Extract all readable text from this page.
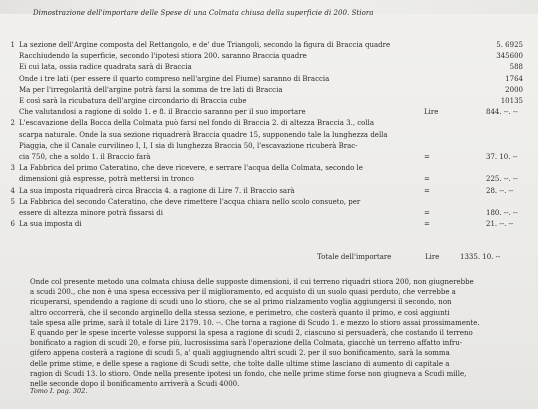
Dimostrazione dell'importare delle Spese di una Colmata chiusa della superficie di 200. Stiora
1 La sezione dell'Argine composta del Rettangolo, e de' due Triangoli, secondo la figura di Braccia quadre	5. 6925
Racchiudendo la superficie, secondo l'ipotesi stiora 200. saranno Braccia quadre	345600
Ei cui lata, ossia radice quadrata sarà di Braccia	588
Onde i tre lati (per essere il quarto compreso nell'argine del Fiume) saranno di Braccia	1764
Ma per l'irregolarità dell'argine potrà farsi la somma de tre lati di Braccia	2000
E così sarà la ricubatura dell'argine circondario di Braccia cube	10135
Che valutandosi a ragione di soldo 1. e 8. il Braccio saranno per il suo importare	Lire	844. --. --
2 L'escavazione della Bocca della Colmata può farsi nel fondo di Braccia 2. di altezza Braccia 3., colla
scarpa naturale. Onde la sua sezione riquadrerà Braccia quadre 15, supponendo tale la lunghezza della
Piaggia, che il Canale curvilineo I, I, I sia di lunghezza Braccia 50, l'escavazione ricuberà Brac-
cia 750, che a soldo 1. il Braccio farà	=	37. 10. --
3 La Fabbrica del primo Cateratino, che deve ricevere, e serrare l'acqua della Colmata, secondo le
dimensioni già espresse, potrà mettersi in tronco	=	225. --. --
4 La sua imposta riquadrerà circa Braccia 4. a ragione di Lire 7. il Braccio sarà	=	28. --. --
5 La Fabbrica del secondo Cateratino, che deve rimettere l'acqua chiara nello scolo consueto, per
essere di altezza minore potrà fissarsi di	=	180. --. --
6 La sua imposta di	=	21. --. --
Totale dell'importare	Lire	1335. 10. --
Onde col presente metodo una colmata chiusa delle supposte dimensioni, il cui terreno riquadri stiora 200, non giugnerebbe
a scudi 200., che non è una spesa eccessiva per il miglioramento, ed acquisto di un suolo quasi perduto, che verrebbe a
ricuperarsi, spendendo a ragione di scudi uno lo stioro, che se al primo rialzamento voglia aggiungersi il secondo, non
altro occorrerà, che il secondo arginello della stessa sezione, e perimetro, che costerà quanto il primo, e così aggiunti
tale spesa alle prime, sarà il totale di Lire 2179. 10. --. Che torna a ragione di Scudo 1. e mezzo lo stioro assai prossimamente.
E quando per le spese incerte volesse supporsi la spesa a ragione di scudi 2, ciascuno si persuaderà, che costando il terreno
bonificato a ragion di scudi 20, e forse più, lucrosissima sarà l'operazione della Colmata, giacchè un terreno affatto infru-
gifero appena costerà a ragione di scudi 5, a' quali aggiugnendo altri scudi 2. per il suo bonificamento, sarà la somma
delle prime stime, e delle spese a ragione di Scudi sette, che tolte dalle ultime stime lasciano di aumento di capitale a
ragion di Scudi 13. lo stioro. Onde nella presente ipotesi un fondo, che nelle prime stime forse non giugneva a Scudi mille,
nelle seconde dopo il bonificamento arriverà a Scudi 4000.
Tomo I. pag. 302.
